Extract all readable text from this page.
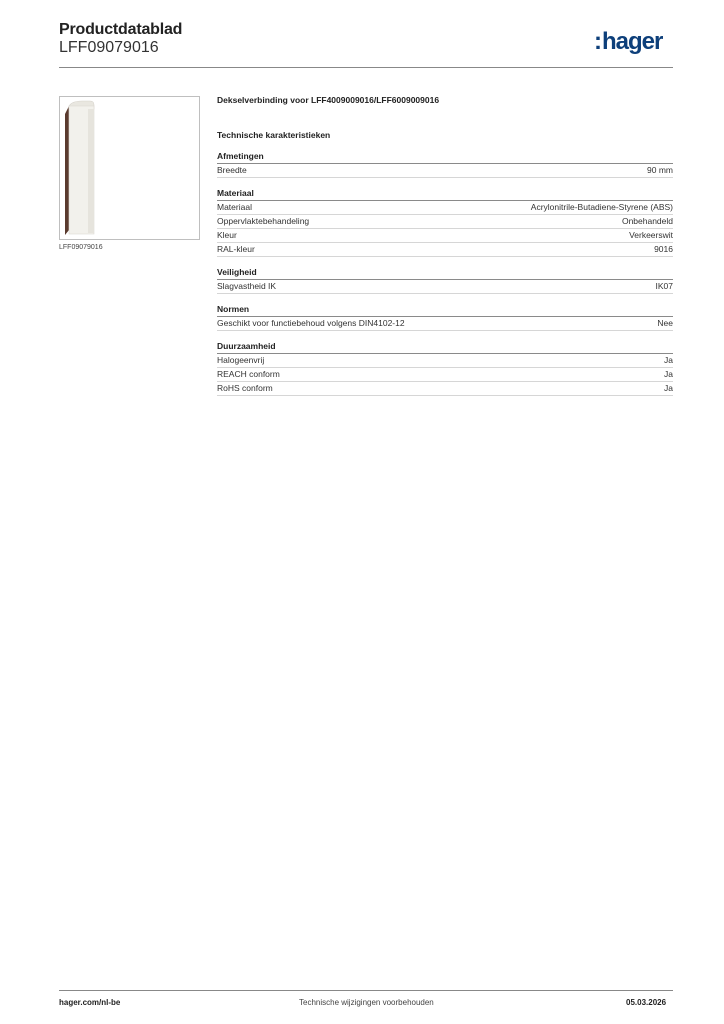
Productdatablad
LFF09079016	: hager
LFF09079016
Dekselverbinding voor LFF4009009016/LFF6009009016
Technische karakteristieken
Afmetingen
Breedte	90 mm
Materiaal
Materiaal	Acrylonitrile-Butadiene-Styrene (ABS)
Oppervlaktebehandeling	Onbehandeld
Kleur	Verkeerswit
RAL-kleur	9016
Veiligheid
Slagvastheid IK	IK07
Normen
Geschikt voor functiebehoud volgens DIN4102-12	Nee
Duurzaamheid
Halogeenvrij	Ja
REACH conform	Ja
RoHS conform	Ja
hager.com/nl-be	Technische wijzigingen voorbehouden	05.03.2026
